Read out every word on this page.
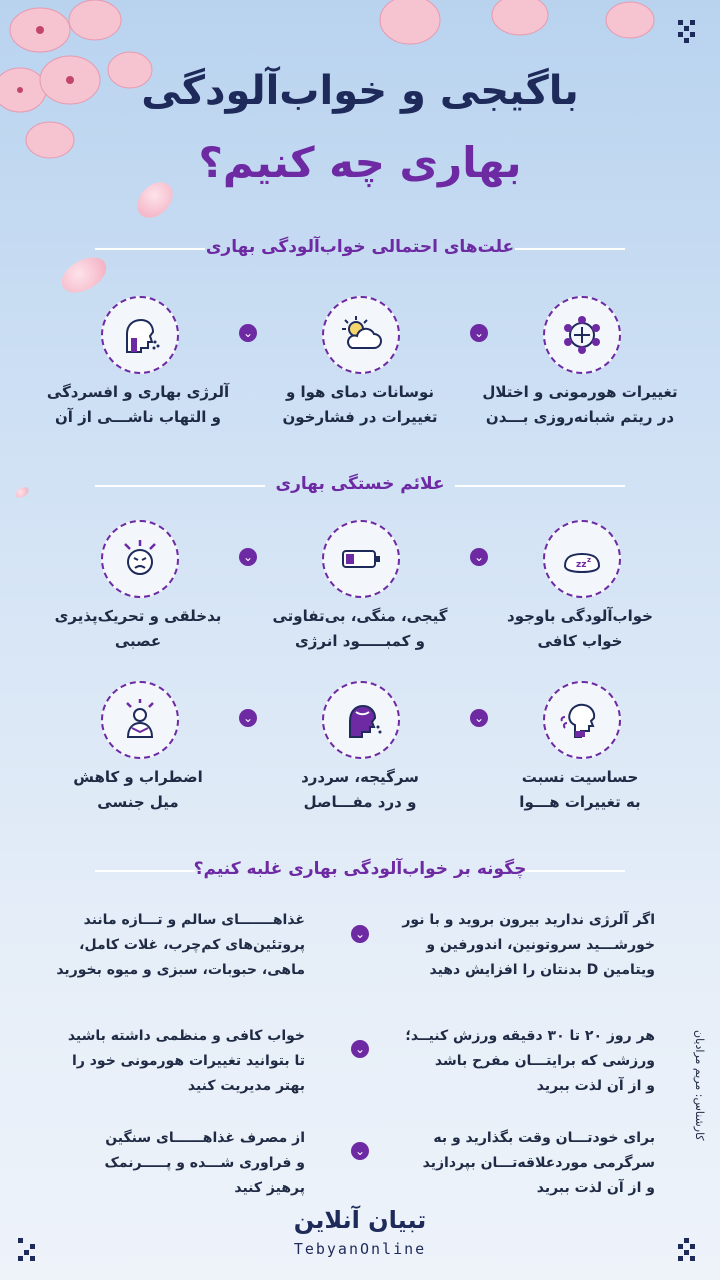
باگیجی و خواب‌آلودگی
بهاری چه کنیم؟
علت‌های احتمالی خواب‌آلودگی بهاری
⌄
⌄
تغییرات هورمونی و اختلال
در ریتم شبانه‌روزی بـــدن
نوسانات دمای هوا و
تغییرات در فشارخون
آلرژی بهاری و افسردگی
و التهاب ناشـــی از آن
علائم خستگی بهاری
zz z
⌄
⌄
خواب‌آلودگی باوجود
خواب کافی
گیجی، منگی، بی‌تفاوتی
و کمبـــــود انرژی
بدخلقی و تحریک‌پذیری
عصبی
⌄
⌄
حساسیت نسبت
به تغییرات هـــوا
سرگیجه، سردرد
و درد مفـــاصل
اضطراب و کاهش
میل جنسی
چگونه بر خواب‌آلودگی بهاری غلبه کنیم؟
اگر آلرژی ندارید بیرون بروید و با نور
خورشـــید سروتونین، اندورفین و
ویتامین D بدنتان را افزایش دهید
غذاهـــــــای سالم و تـــازه مانند
پروتئین‌های کم‌چرب، غلات کامل،
ماهی، حبوبات، سبزی و میوه بخورید
⌄
هر روز ۲۰ تا ۳۰ دقیقه ورزش کنیــد؛
ورزشی که برایتـــان مفرح باشد
و از آن لذت ببرید
خواب کافی و منظمی داشته باشید
تا بتوانید تغییرات هورمونی خود را
بهتر مدیریت کنید
⌄
برای خودتـــان وقت بگذارید و به
سرگرمی موردعلاقه‌تـــان بپردازید
و از آن لذت ببرید
از مصرف غذاهــــــای سنگین
و فراوری شـــده و پـــــرنمک
پرهیز کنید
⌄
کارشناس: مریم مرادیان
تبیان آنلاین
TebyanOnline
